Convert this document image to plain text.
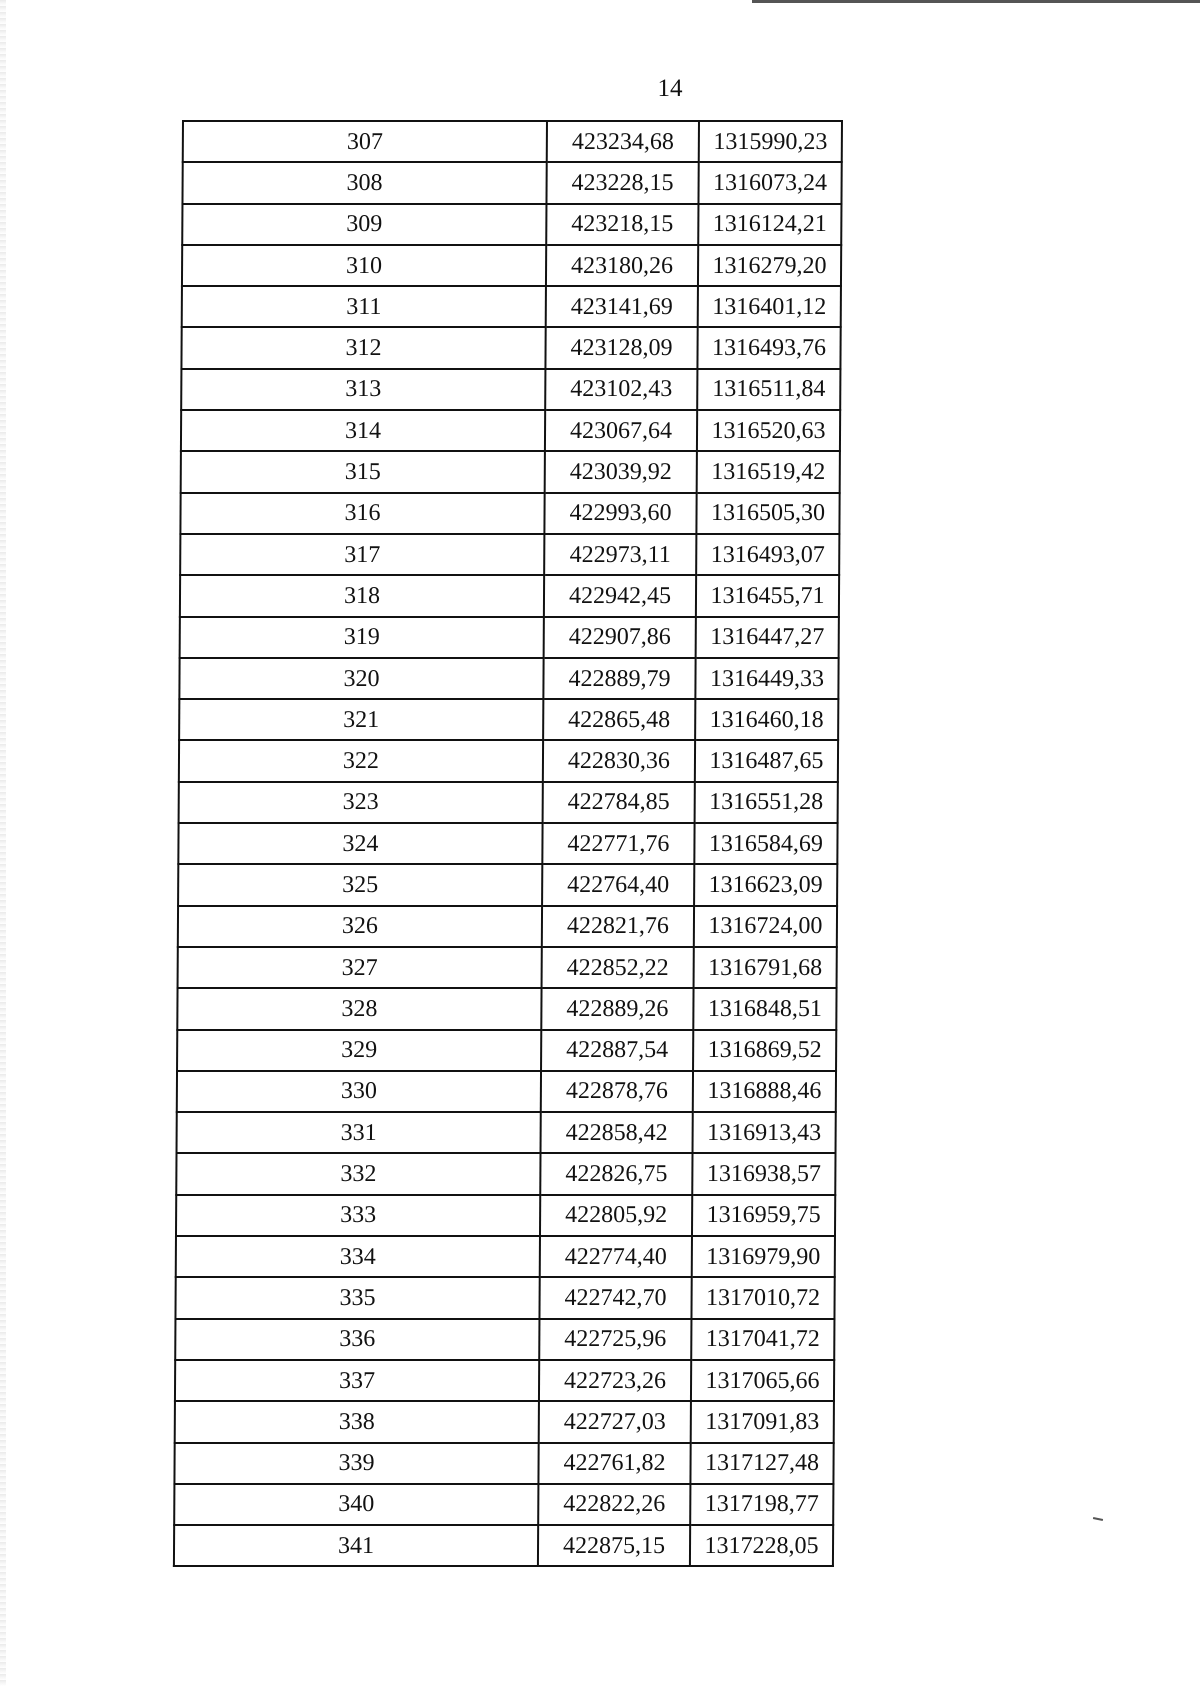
14
307	423234,68	1315990,23
308	423228,15	1316073,24
309	423218,15	1316124,21
310	423180,26	1316279,20
311	423141,69	1316401,12
312	423128,09	1316493,76
313	423102,43	1316511,84
314	423067,64	1316520,63
315	423039,92	1316519,42
316	422993,60	1316505,30
317	422973,11	1316493,07
318	422942,45	1316455,71
319	422907,86	1316447,27
320	422889,79	1316449,33
321	422865,48	1316460,18
322	422830,36	1316487,65
323	422784,85	1316551,28
324	422771,76	1316584,69
325	422764,40	1316623,09
326	422821,76	1316724,00
327	422852,22	1316791,68
328	422889,26	1316848,51
329	422887,54	1316869,52
330	422878,76	1316888,46
331	422858,42	1316913,43
332	422826,75	1316938,57
333	422805,92	1316959,75
334	422774,40	1316979,90
335	422742,70	1317010,72
336	422725,96	1317041,72
337	422723,26	1317065,66
338	422727,03	1317091,83
339	422761,82	1317127,48
340	422822,26	1317198,77
341	422875,15	1317228,05
